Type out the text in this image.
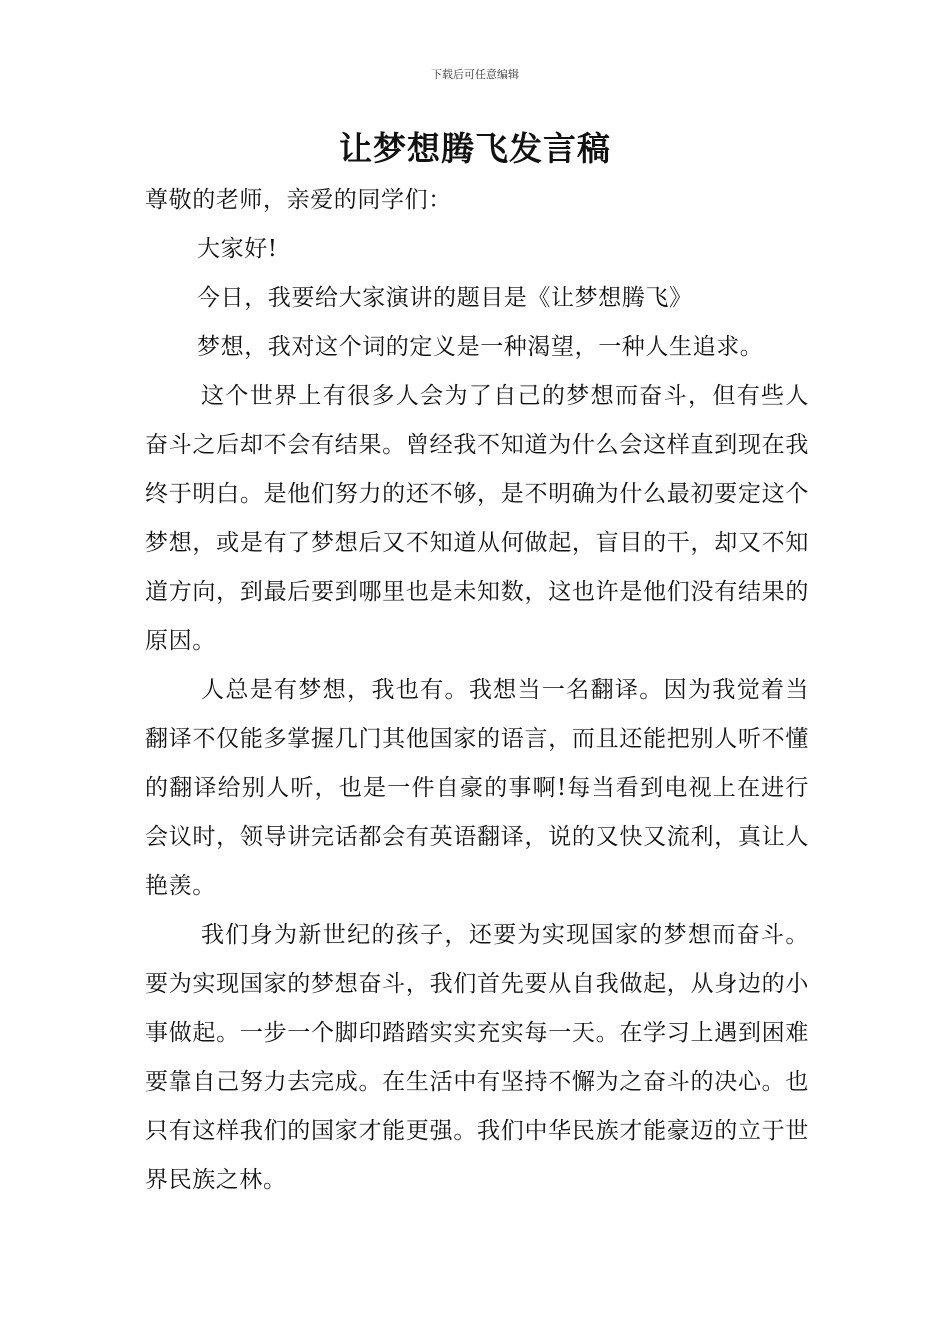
下载后可任意编辑
让梦想腾飞发言稿

尊敬的老师，亲爱的同学们：

大家好!

今日，我要给大家演讲的题目是《让梦想腾飞》

梦想，我对这个词的定义是一种渴望，一种人生追求。

这个世界上有很多人会为了自己的梦想而奋斗，但有些人奋斗之后却不会有结果。曾经我不知道为什么会这样直到现在我终于明白。是他们努力的还不够，是不明确为什么最初要定这个梦想，或是有了梦想后又不知道从何做起，盲目的干，却又不知道方向，到最后要到哪里也是未知数，这也许是他们没有结果的原因。

人总是有梦想，我也有。我想当一名翻译。因为我觉着当翻译不仅能多掌握几门其他国家的语言，而且还能把别人听不懂的翻译给别人听，也是一件自豪的事啊!每当看到电视上在进行会议时，领导讲完话都会有英语翻译，说的又快又流利，真让人艳羡。

我们身为新世纪的孩子，还要为实现国家的梦想而奋斗。要为实现国家的梦想奋斗，我们首先要从自我做起，从身边的小事做起。一步一个脚印踏踏实实充实每一天。在学习上遇到困难要靠自己努力去完成。在生活中有坚持不懈为之奋斗的决心。也只有这样我们的国家才能更强。我们中华民族才能豪迈的立于世界民族之林。
